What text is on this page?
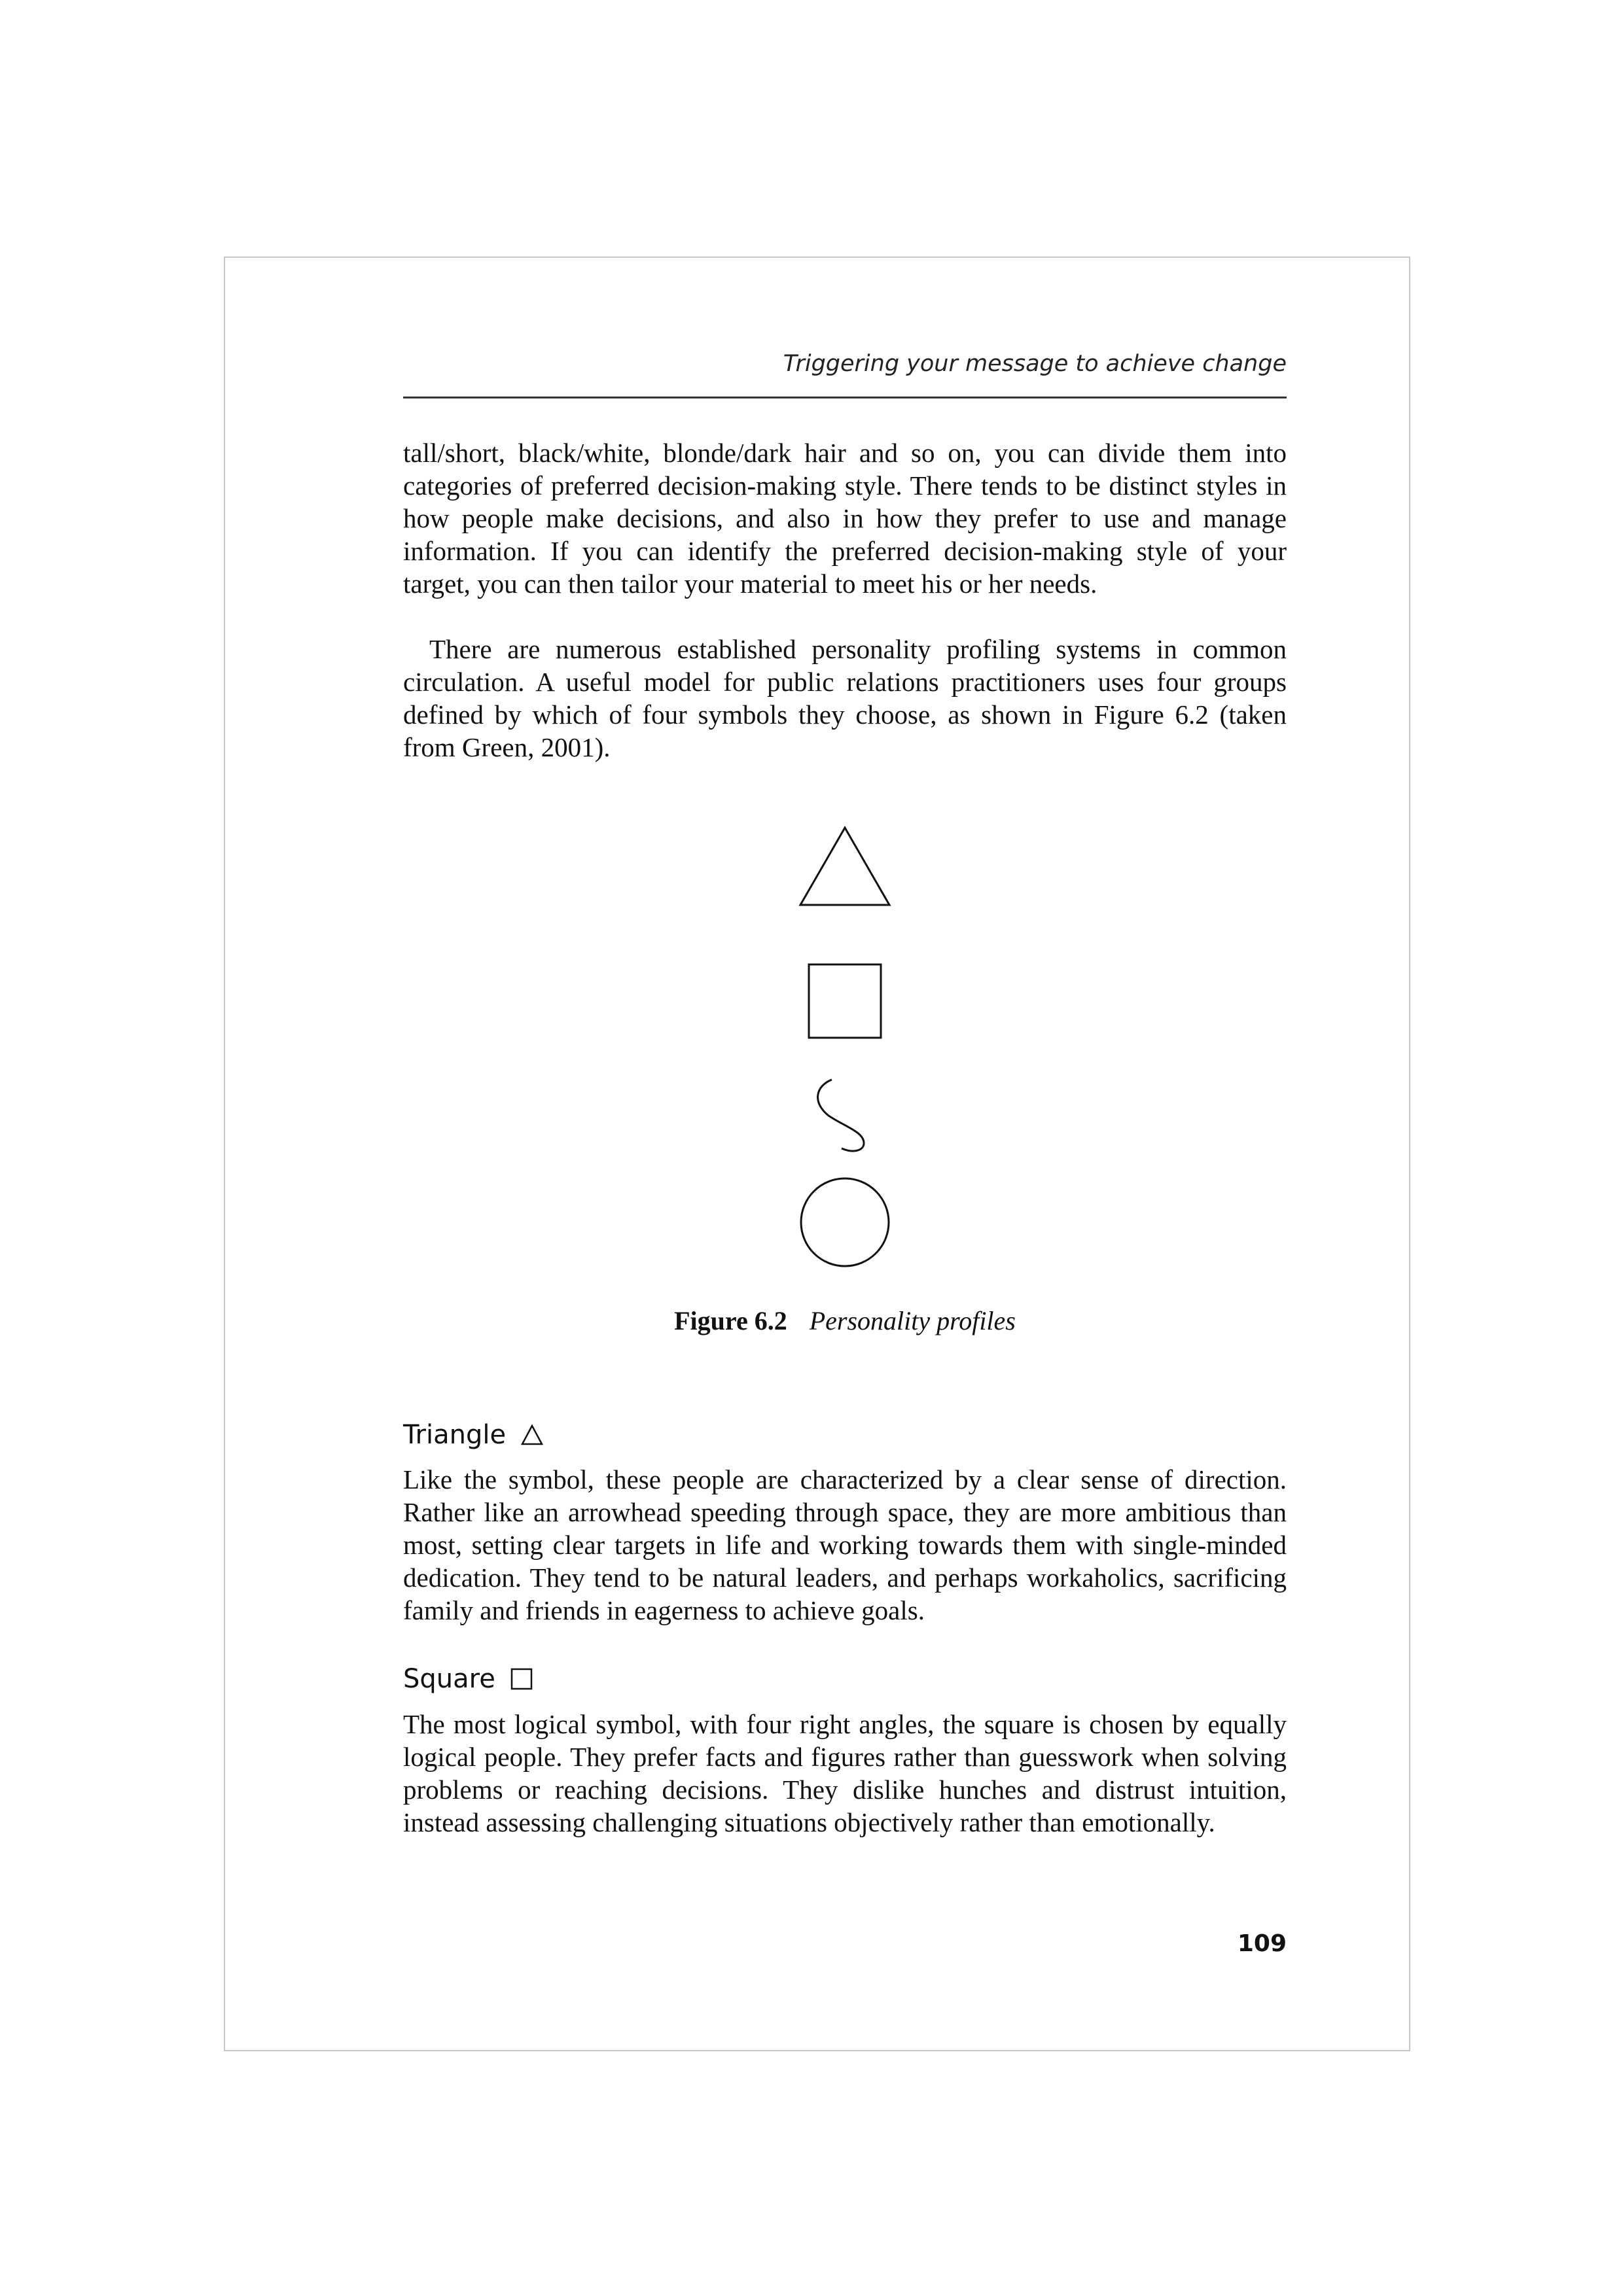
Triggering your message to achieve change

tall/short, black/white, blonde/dark hair and so on, you can divide them into categories of preferred decision-making style. There tends to be distinct styles in how people make decisions, and also in how they prefer to use and manage information. If you can identify the preferred decision-making style of your target, you can then tailor your material to meet his or her needs.

There are numerous established personality profiling systems in common circulation. A useful model for public relations practitioners uses four groups defined by which of four symbols they choose, as shown in Figure 6.2 (taken from Green, 2001).

Figure 6.2 Personality profiles
Triangle

Like the symbol, these people are characterized by a clear sense of direction. Rather like an arrowhead speeding through space, they are more ambitious than most, setting clear targets in life and working towards them with single-minded dedication. They tend to be natural leaders, and perhaps workaholics, sacrificing family and friends in eagerness to achieve goals.

Square

The most logical symbol, with four right angles, the square is chosen by equally logical people. They prefer facts and figures rather than guesswork when solving problems or reaching decisions. They dislike hunches and distrust intuition, instead assessing challenging situations objectively rather than emotionally.

109
